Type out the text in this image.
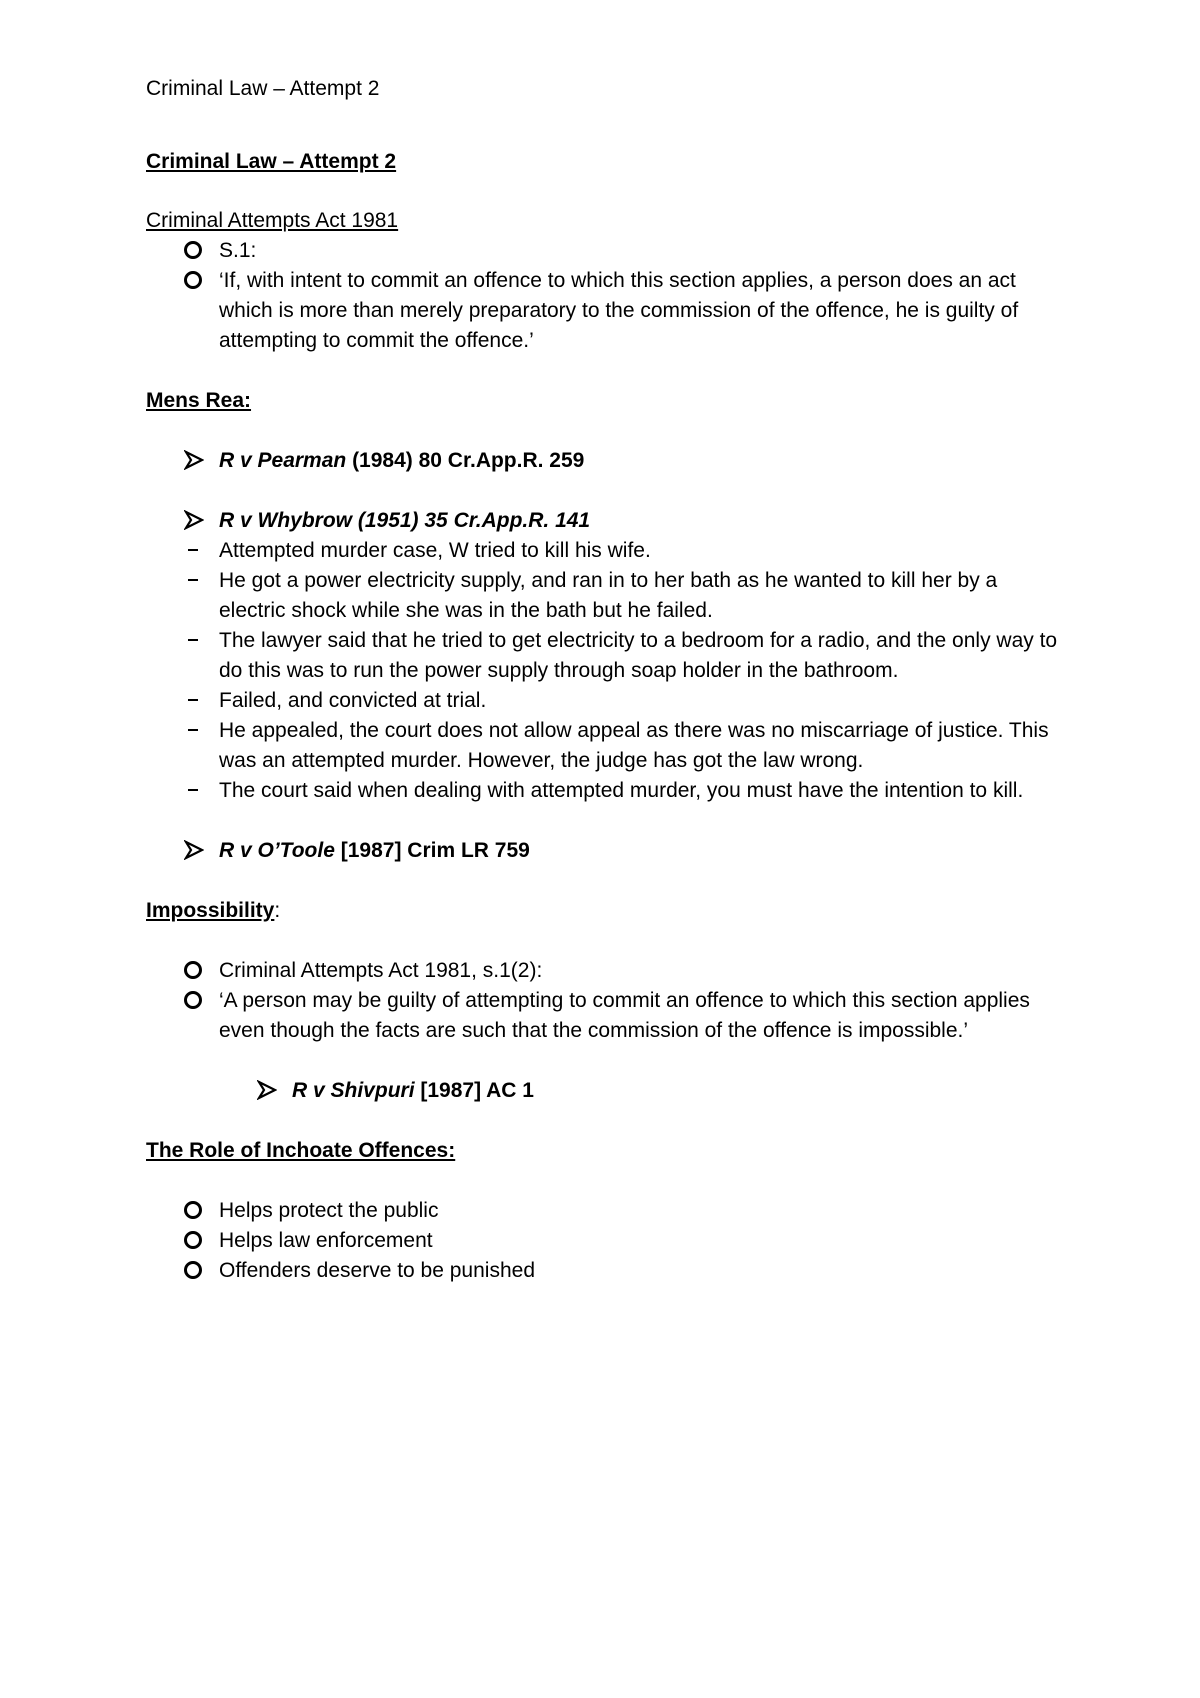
Criminal Law – Attempt 2

Criminal Law – Attempt 2

Criminal Attempts Act 1981

S.1:
‘If, with intent to commit an offence to which this section applies, a person does an act which is more than merely preparatory to the commission of the offence, he is guilty of attempting to commit the offence.’

Mens Rea:

R v Pearman (1984) 80 Cr.App.R. 259
R v Whybrow (1951) 35 Cr.App.R. 141
Attempted murder case, W tried to kill his wife.
He got a power electricity supply, and ran in to her bath as he wanted to kill her by a electric shock while she was in the bath but he failed.
The lawyer said that he tried to get electricity to a bedroom for a radio, and the only way to do this was to run the power supply through soap holder in the bathroom.
Failed, and convicted at trial.
He appealed, the court does not allow appeal as there was no miscarriage of justice. This was an attempted murder. However, the judge has got the law wrong.
The court said when dealing with attempted murder, you must have the intention to kill.
R v O’Toole [1987] Crim LR 759

Impossibility:

Criminal Attempts Act 1981, s.1(2):
‘A person may be guilty of attempting to commit an offence to which this section applies even though the facts are such that the commission of the offence is impossible.’
R v Shivpuri [1987] AC 1

The Role of Inchoate Offences:

Helps protect the public
Helps law enforcement
Offenders deserve to be punished
